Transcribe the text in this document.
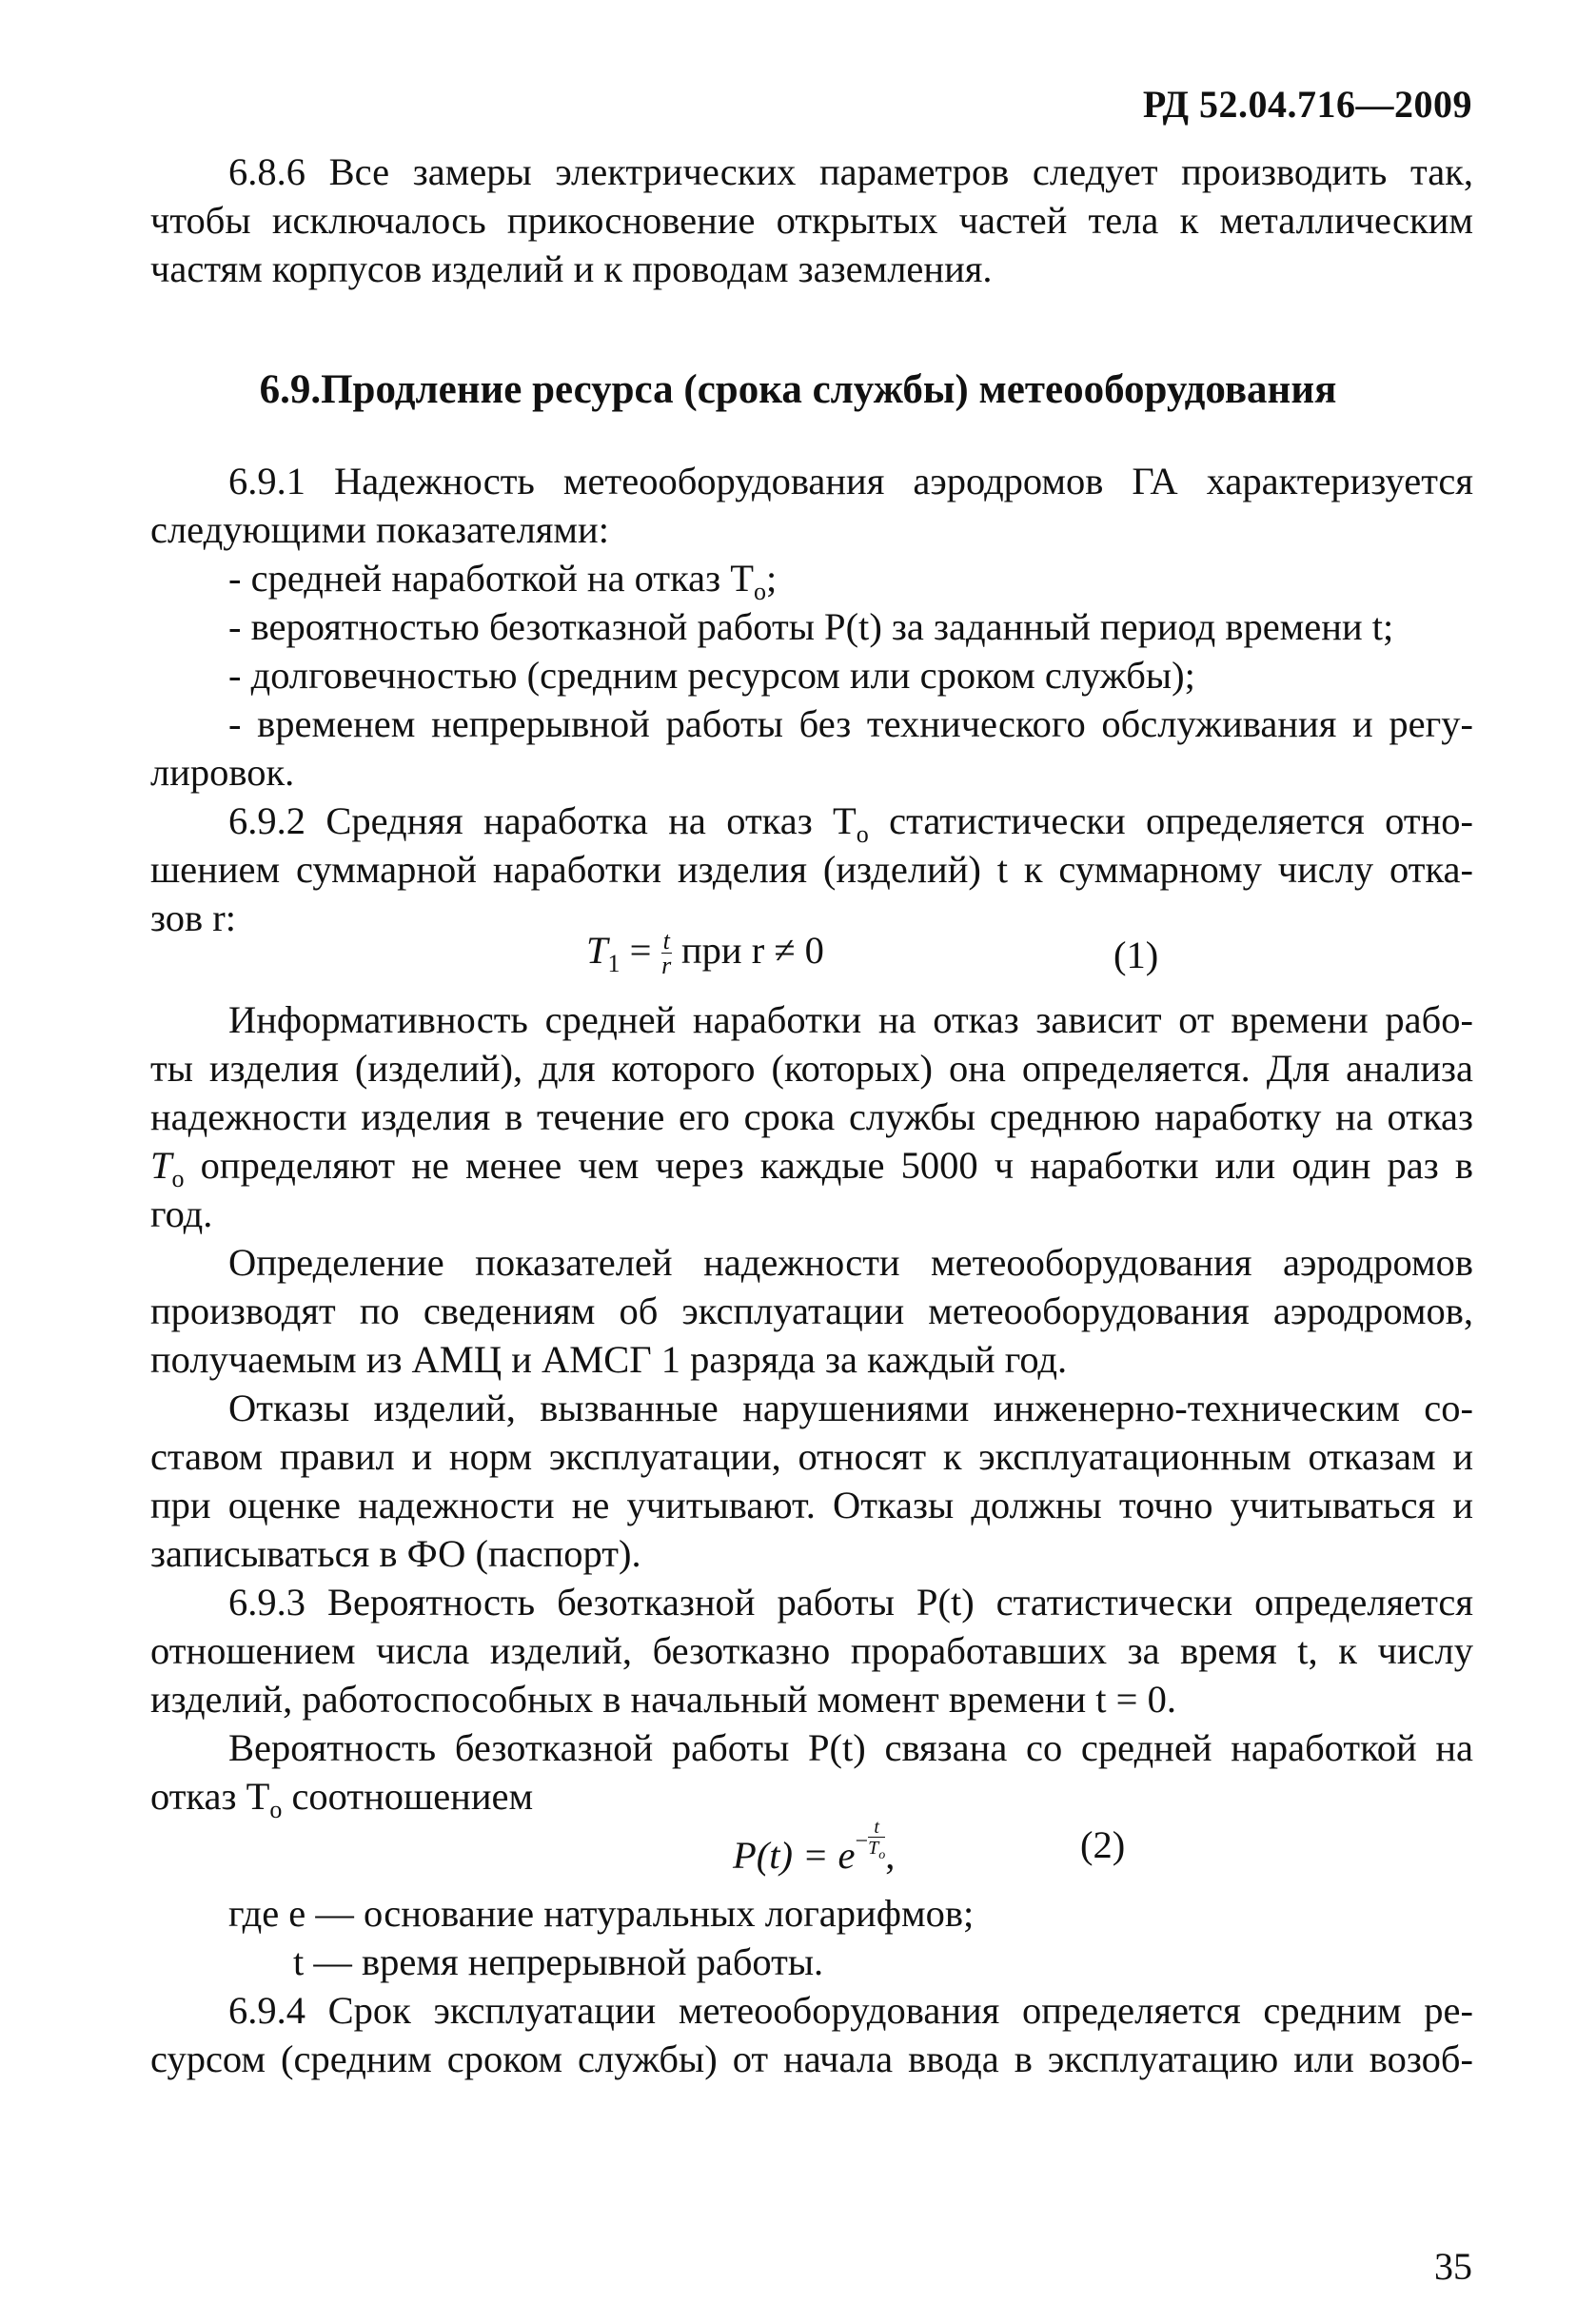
РД 52.04.716—2009
6.8.6 Все замеры электрических параметров следует производить так,
чтобы исключалось прикосновение открытых частей тела к металлическим
частям корпусов изделий и к проводам заземления.
6.9.Продление ресурса (срока службы) метеооборудования
6.9.1 Надежность метеооборудования аэродромов ГА характеризуется
следующими показателями:
- средней наработкой на отказ $T_о$;
- вероятностью безотказной работы P(t) за заданный период времени t;
- долговечностью (средним ресурсом или сроком службы);
- временем непрерывной работы без технического обслуживания и регу-
лировок.
6.9.2 Средняя наработка на отказ $T_о$ статистически определяется отно-
шением суммарной наработки изделия (изделий) t к суммарному числу отка-
зов r:
$T_1 = \frac{t}{r}$ при r ≠ 0	(1)
Информативность средней наработки на отказ зависит от времени рабо-
ты изделия (изделий), для которого (которых) она определяется. Для анализа
надежности изделия в течение его срока службы среднюю наработку на отказ
$T_о$ определяют не менее чем через каждые 5000 ч наработки или один раз в
год.
Определение показателей надежности метеооборудования аэродромов
производят по сведениям об эксплуатации метеооборудования аэродромов,
получаемым из АМЦ и АМСГ 1 разряда за каждый год.
Отказы изделий, вызванные нарушениями инженерно-техническим со-
ставом правил и норм эксплуатации, относят к эксплуатационным отказам и
при оценке надежности не учитывают. Отказы должны точно учитываться и
записываться в ФО (паспорт).
6.9.3 Вероятность безотказной работы P(t) статистически определяется
отношением числа изделий, безотказно проработавших за время t, к числу
изделий, работоспособных в начальный момент времени t = 0.
Вероятность безотказной работы P(t) связана со средней наработкой на
отказ $T_о$ соотношением
$P(t) = e- \frac{t}{T_о}$ ,	(2)
где e — основание натуральных логарифмов;
t — время непрерывной работы.
6.9.4 Срок эксплуатации метеооборудования определяется средним ре-
сурсом (средним сроком службы) от начала ввода в эксплуатацию или возоб-
35
